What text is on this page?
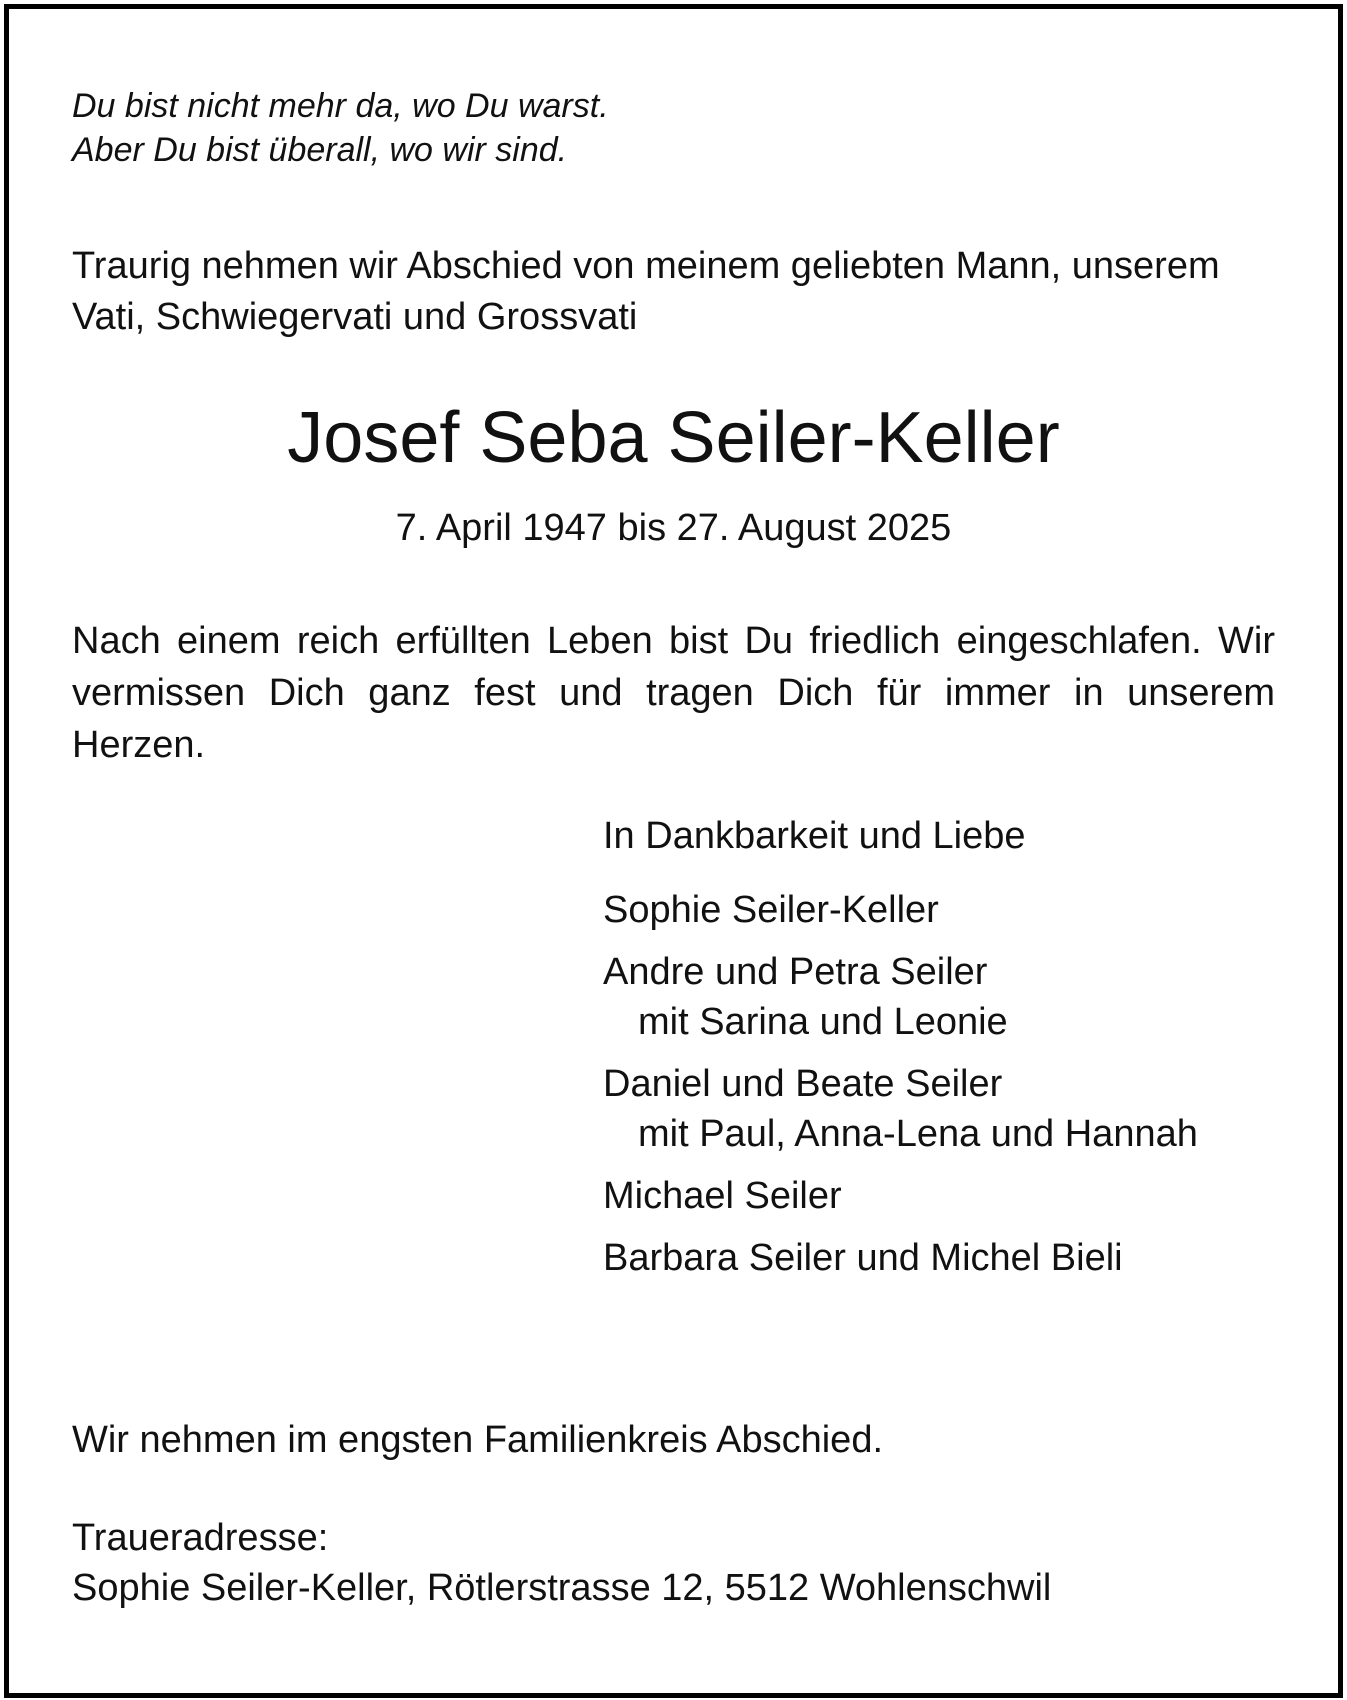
Du bist nicht mehr da, wo Du warst.
Aber Du bist überall, wo wir sind.
Traurig nehmen wir Abschied von meinem geliebten Mann, unserem
Vati, Schwiegervati und Grossvati
Josef Seba Seiler-Keller
7. April 1947 bis 27. August 2025
Nach einem reich erfüllten Leben bist Du friedlich eingeschlafen. Wir vermissen Dich ganz fest und tragen Dich für immer in unserem Herzen.
In Dankbarkeit und Liebe
Sophie Seiler-Keller
Andre und Petra Seiler
mit Sarina und Leonie
Daniel und Beate Seiler
mit Paul, Anna-Lena und Hannah
Michael Seiler
Barbara Seiler und Michel Bieli
Wir nehmen im engsten Familienkreis Abschied.
Traueradresse:
Sophie Seiler-Keller, Rötlerstrasse 12, 5512 Wohlenschwil
